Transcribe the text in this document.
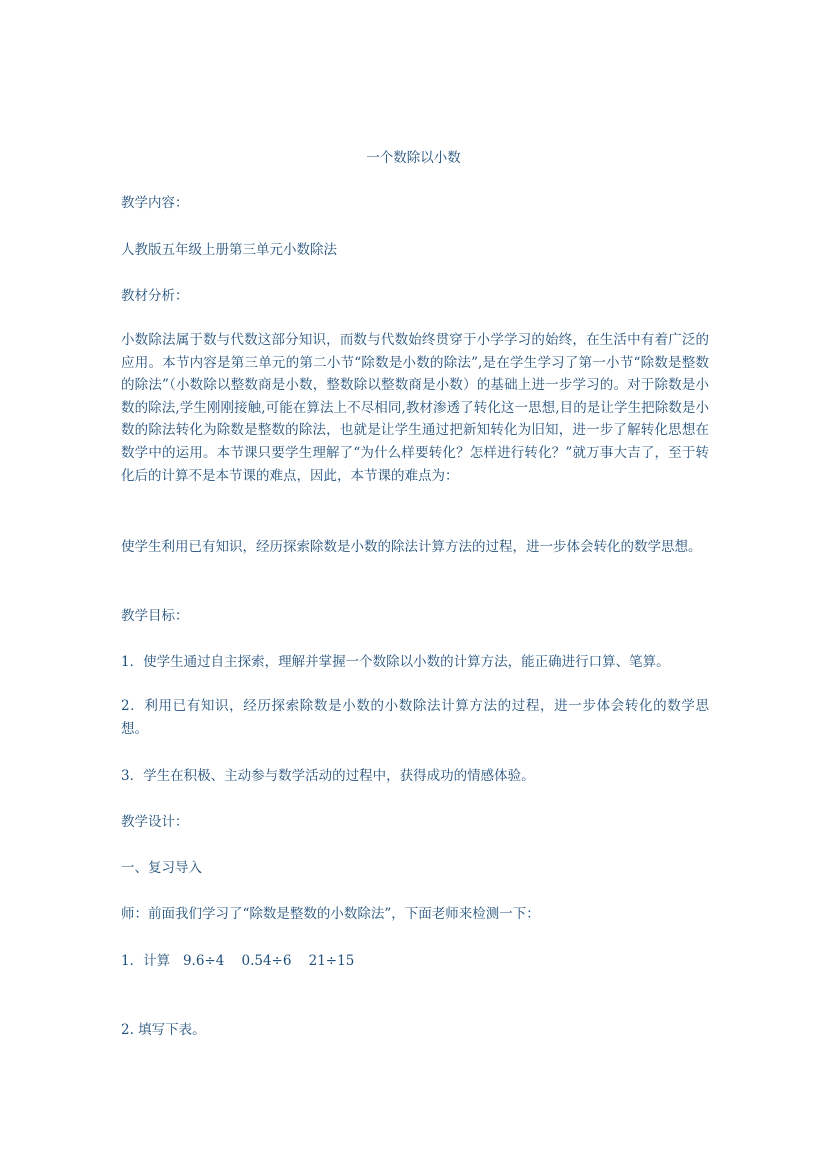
一个数除以小数
教学内容：
人教版五年级上册第三单元小数除法
教材分析：
小数除法属于数与代数这部分知识，而数与代数始终贯穿于小学学习的始终，在生活中有着广泛的应用。本节内容是第三单元的第二小节“除数是小数的除法”,是在学生学习了第一小节“除数是整数的除法”（小数除以整数商是小数，整数除以整数商是小数）的基础上进一步学习的。对于除数是小数的除法,学生刚刚接触,可能在算法上不尽相同,教材渗透了转化这一思想,目的是让学生把除数是小数的除法转化为除数是整数的除法，也就是让学生通过把新知转化为旧知，进一步了解转化思想在数学中的运用。本节课只要学生理解了“为什么样要转化？怎样进行转化？”就万事大吉了，至于转化后的计算不是本节课的难点，因此，本节课的难点为：
使学生利用已有知识，经历探索除数是小数的除法计算方法的过程，进一步体会转化的数学思想。
教学目标：
1．使学生通过自主探索，理解并掌握一个数除以小数的计算方法，能正确进行口算、笔算。
2．利用已有知识，经历探索除数是小数的小数除法计算方法的过程，进一步体会转化的数学思想。
3．学生在积极、主动参与数学活动的过程中，获得成功的情感体验。
教学设计：
一、复习导入
师：前面我们学习了“除数是整数的小数除法”，下面老师来检测一下：
1．计算   9.6÷4    0.54÷6    21÷15
2. 填写下表。
